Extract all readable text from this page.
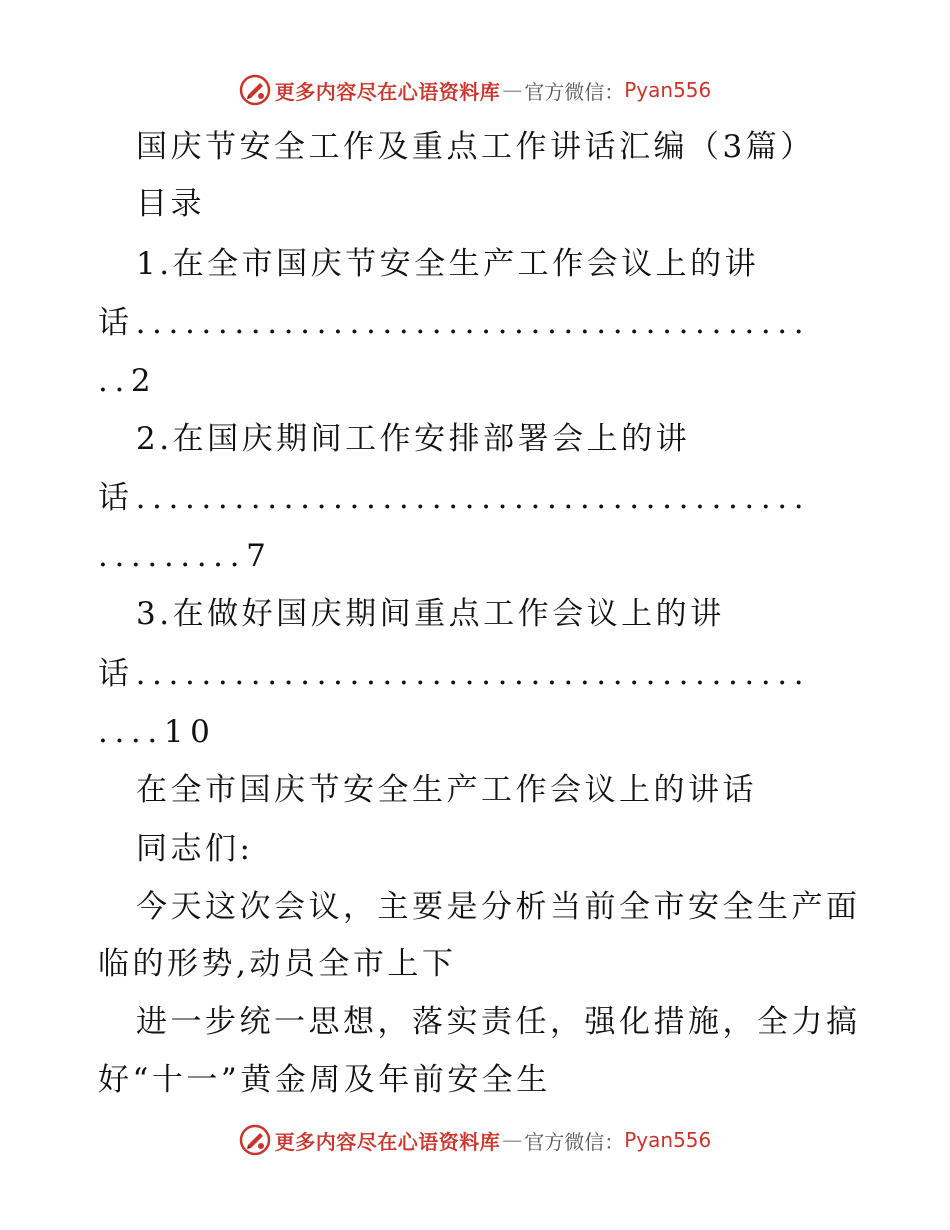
更多内容尽在心语资料库 — 官方微信： Pyan556
国庆节安全工作及重点工作讲话汇编（3篇）
目录
1.在全市国庆节安全生产工作会议上的讲
话.........................................
..2
2.在国庆期间工作安排部署会上的讲
话.........................................
.........7
3.在做好国庆期间重点工作会议上的讲
话.........................................
....10
在全市国庆节安全生产工作会议上的讲话
同志们:
今天这次会议，主要是分析当前全市安全生产面
临的形势,动员全市上下
进一步统一思想，落实责任，强化措施，全力搞
好“十一”黄金周及年前安全生
更多内容尽在心语资料库 — 官方微信： Pyan556
